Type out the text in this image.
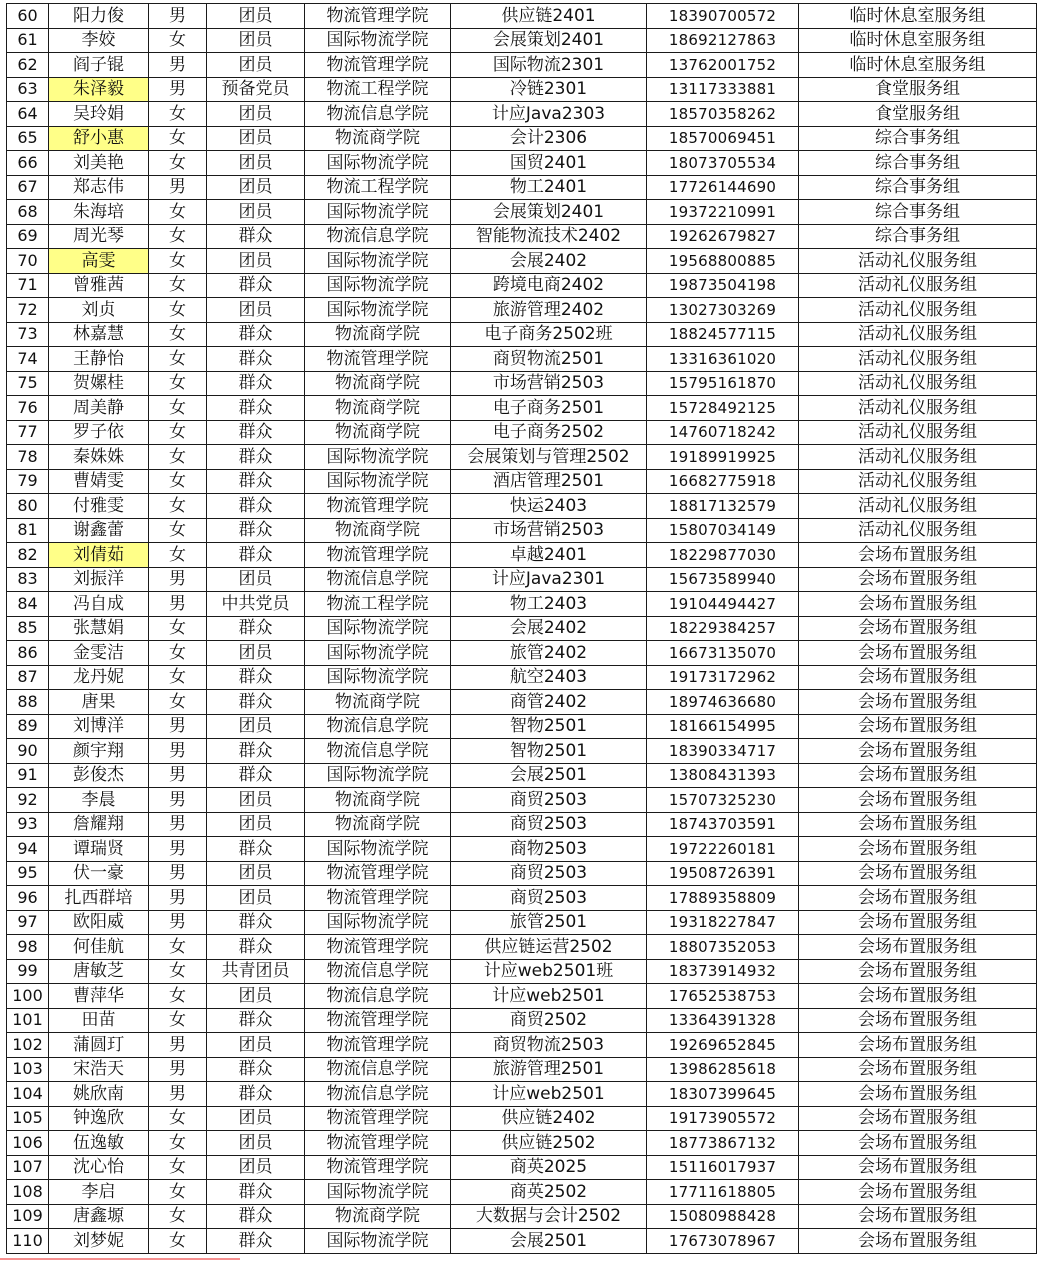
60	阳力俊	男	团员	物流管理学院	供应链2401	18390700572	临时休息室服务组
61	李姣	女	团员	国际物流学院	会展策划2401	18692127863	临时休息室服务组
62	阎子锟	男	团员	物流管理学院	国际物流2301	13762001752	临时休息室服务组
63	朱泽毅	男	预备党员	物流工程学院	冷链2301	13117333881	食堂服务组
64	吴玲娟	女	团员	物流信息学院	计应Java2303	18570358262	食堂服务组
65	舒小惠	女	团员	物流商学院	会计2306	18570069451	综合事务组
66	刘美艳	女	团员	国际物流学院	国贸2401	18073705534	综合事务组
67	郑志伟	男	团员	物流工程学院	物工2401	17726144690	综合事务组
68	朱海培	女	团员	国际物流学院	会展策划2401	19372210991	综合事务组
69	周光琴	女	群众	物流信息学院	智能物流技术2402	19262679827	综合事务组
70	高雯	女	团员	国际物流学院	会展2402	19568800885	活动礼仪服务组
71	曾雅茜	女	群众	国际物流学院	跨境电商2402	19873504198	活动礼仪服务组
72	刘贞	女	团员	国际物流学院	旅游管理2402	13027303269	活动礼仪服务组
73	林嘉慧	女	群众	物流商学院	电子商务2502班	18824577115	活动礼仪服务组
74	王静怡	女	群众	物流管理学院	商贸物流2501	13316361020	活动礼仪服务组
75	贺嫘桂	女	群众	物流商学院	市场营销2503	15795161870	活动礼仪服务组
76	周美静	女	群众	物流商学院	电子商务2501	15728492125	活动礼仪服务组
77	罗子依	女	群众	物流商学院	电子商务2502	14760718242	活动礼仪服务组
78	秦姝姝	女	群众	国际物流学院	会展策划与管理2502	19189919925	活动礼仪服务组
79	曹婧雯	女	群众	国际物流学院	酒店管理2501	16682775918	活动礼仪服务组
80	付雅雯	女	群众	物流管理学院	快运2403	18817132579	活动礼仪服务组
81	谢鑫蕾	女	群众	物流商学院	市场营销2503	15807034149	活动礼仪服务组
82	刘倩茹	女	群众	物流管理学院	卓越2401	18229877030	会场布置服务组
83	刘振洋	男	团员	物流信息学院	计应Java2301	15673589940	会场布置服务组
84	冯自成	男	中共党员	物流工程学院	物工2403	19104494427	会场布置服务组
85	张慧娟	女	群众	国际物流学院	会展2402	18229384257	会场布置服务组
86	金雯洁	女	团员	国际物流学院	旅管2402	16673135070	会场布置服务组
87	龙丹妮	女	群众	国际物流学院	航空2403	19173172962	会场布置服务组
88	唐果	女	群众	物流商学院	商管2402	18974636680	会场布置服务组
89	刘博洋	男	团员	物流信息学院	智物2501	18166154995	会场布置服务组
90	颜宇翔	男	群众	物流信息学院	智物2501	18390334717	会场布置服务组
91	彭俊杰	男	群众	国际物流学院	会展2501	13808431393	会场布置服务组
92	李晨	男	团员	物流商学院	商贸2503	15707325230	会场布置服务组
93	詹耀翔	男	团员	物流商学院	商贸2503	18743703591	会场布置服务组
94	谭瑞贤	男	群众	国际物流学院	商物2503	19722260181	会场布置服务组
95	伏一豪	男	团员	物流管理学院	商贸2503	19508726391	会场布置服务组
96	扎西群培	男	团员	物流管理学院	商贸2503	17889358809	会场布置服务组
97	欧阳威	男	群众	国际物流学院	旅管2501	19318227847	会场布置服务组
98	何佳航	女	群众	物流管理学院	供应链运营2502	18807352053	会场布置服务组
99	唐敏芝	女	共青团员	物流信息学院	计应web2501班	18373914932	会场布置服务组
100	曹萍华	女	团员	物流信息学院	计应web2501	17652538753	会场布置服务组
101	田苗	女	群众	物流管理学院	商贸2502	13364391328	会场布置服务组
102	蒲圆玎	男	团员	物流管理学院	商贸物流2503	19269652845	会场布置服务组
103	宋浩天	男	群众	物流信息学院	旅游管理2501	13986285618	会场布置服务组
104	姚欣南	男	群众	物流信息学院	计应web2501	18307399645	会场布置服务组
105	钟逸欣	女	团员	物流管理学院	供应链2402	19173905572	会场布置服务组
106	伍逸敏	女	团员	物流管理学院	供应链2502	18773867132	会场布置服务组
107	沈心怡	女	团员	物流管理学院	商英2025	15116017937	会场布置服务组
108	李启	女	群众	国际物流学院	商英2502	17711618805	会场布置服务组
109	唐鑫塬	女	群众	物流商学院	大数据与会计2502	15080988428	会场布置服务组
110	刘梦妮	女	群众	国际物流学院	会展2501	17673078967	会场布置服务组
